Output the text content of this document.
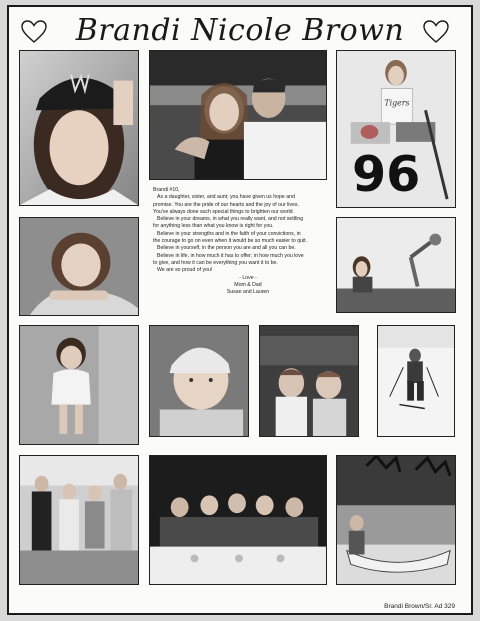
Brandi Nicole Brown
Tigers
96
Brandi #10,
As a daughter, sister, and aunt; you have given us hope and
promise. You are the pride of our hearts and the joy of our lives.
You've always done such special things to brighten our world.
Believe in your dreams, in what you really want, and not settling
for anything less than what you know is right for you.
Believe in your strengths and in the faith of your convictions, in
the courage to go on even when it would be so much easier to quit.
Believe in yourself, in the person you are and all you can be.
Believe in life, in how much it has to offer; in how much you love
to give, and how it can be everything you want it to be.
We are so proud of you!
- Love -
Mom & Dad
Susan and Lauren
Brandi Brown/Sr. Ad 329
